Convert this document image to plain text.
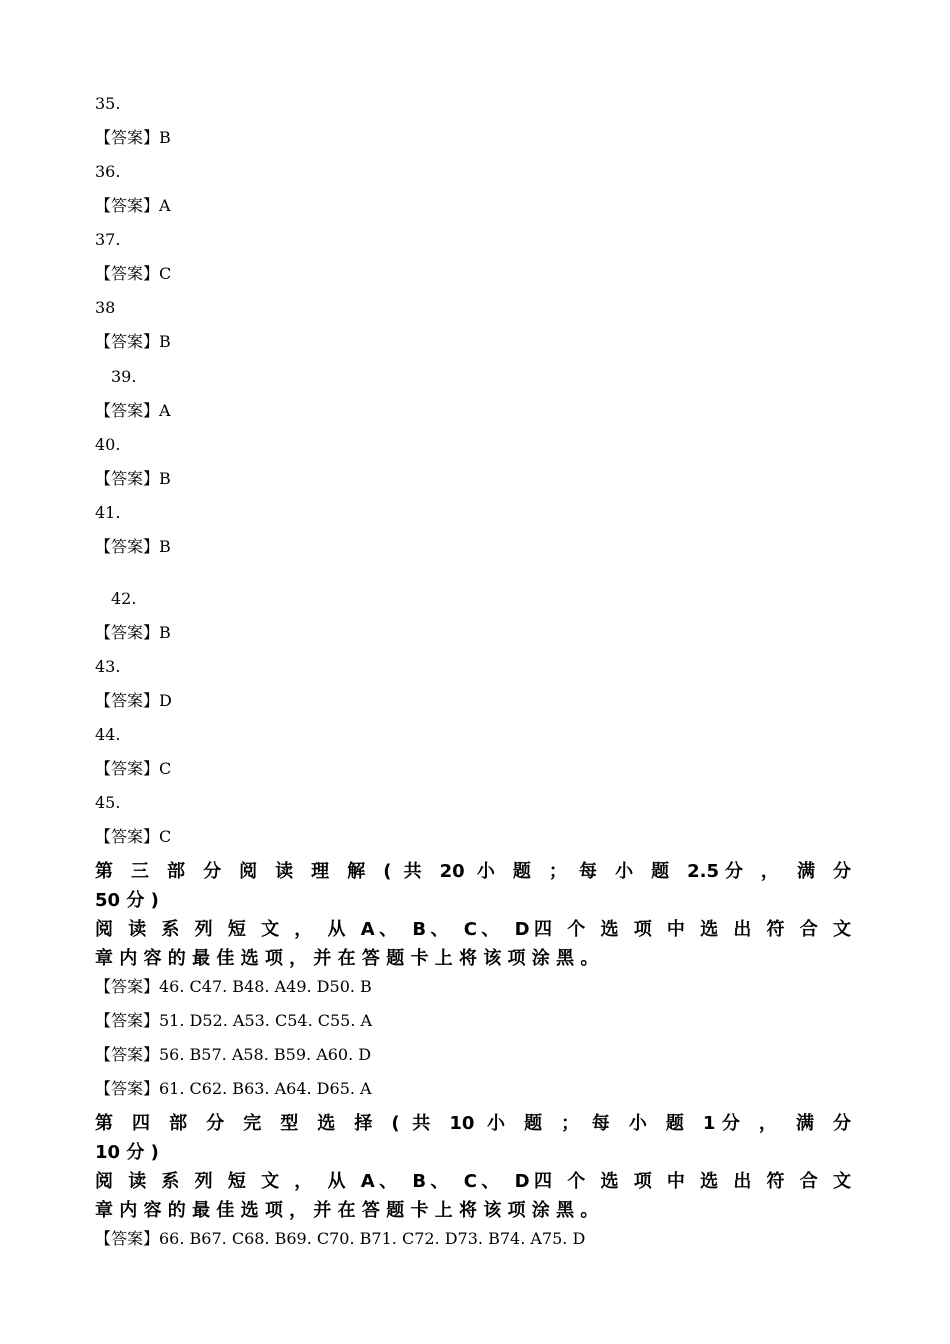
35.
【答案】B
36.
【答案】A
37.
【答案】C
38
【答案】B
39.
【答案】A
40.
【答案】B
41.
【答案】B
42.
【答案】B
43.
【答案】D
44.
【答案】C
45.
【答案】C
第 三 部 分 阅 读 理 解 ( 共 20 小 题 ； 每 小 题 2.5分 ， 满 分
50 分 )
阅 读 系 列 短 文 ， 从 A、 B、 C、 D四 个 选 项 中 选 出 符 合 文
章 内 容 的 最 佳 选 项 ， 并 在 答 题 卡 上 将 该 项 涂 黑 。
【答案】46. C47. B48. A49. D50. B
【答案】51. D52. A53. C54. C55. A
【答案】56. B57. A58. B59. A60. D
【答案】61. C62. B63. A64. D65. A
第 四 部 分 完 型 选 择 ( 共 10 小 题 ； 每 小 题 1分 ， 满 分
10 分 )
阅 读 系 列 短 文 ， 从 A、 B、 C、 D四 个 选 项 中 选 出 符 合 文
章 内 容 的 最 佳 选 项 ， 并 在 答 题 卡 上 将 该 项 涂 黑 。
【答案】66. B67. C68. B69. C70. B71. C72. D73. B74. A75. D
